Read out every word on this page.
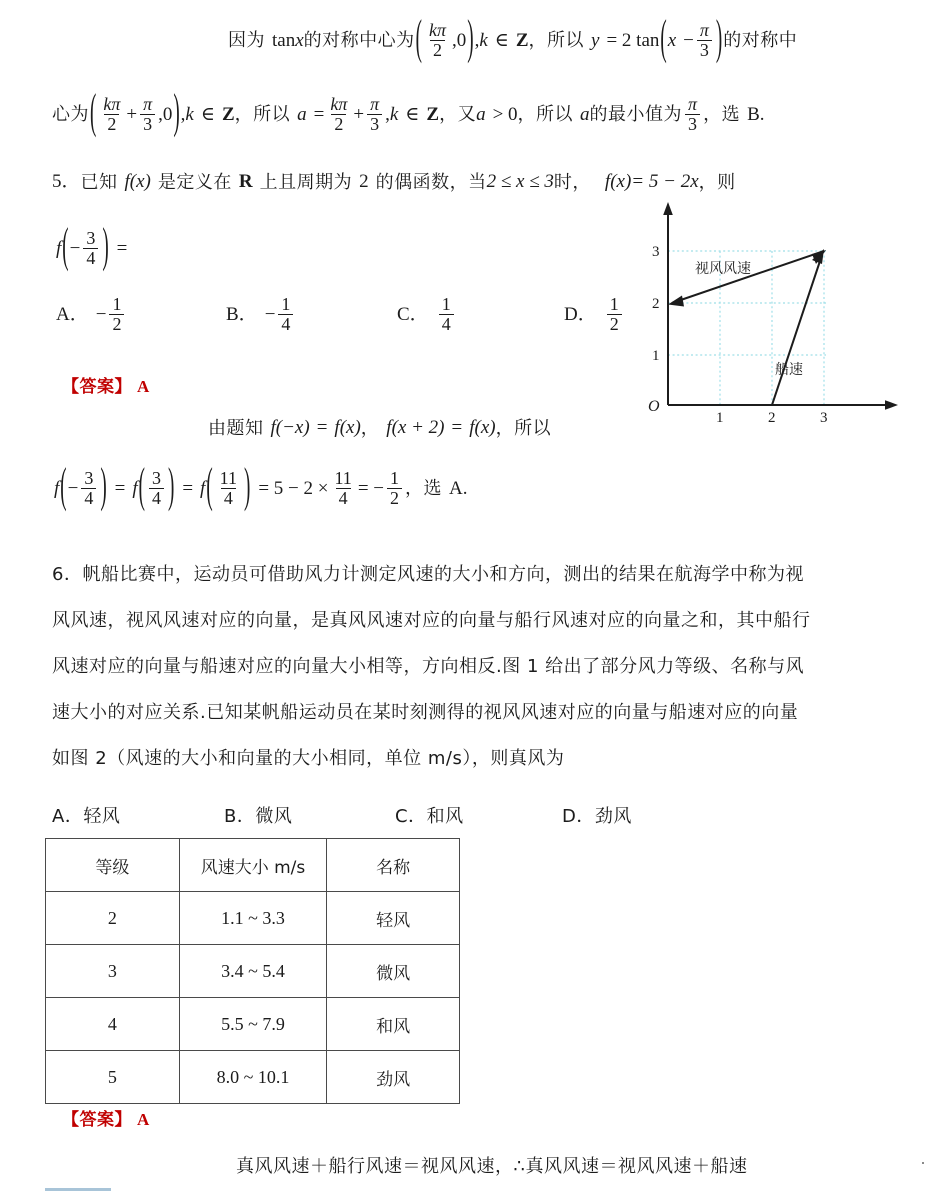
因为 tan x 的对称中心为 ( $\frac{k\pi}{2} ,0$ ) , k ∈ Z ， 所以 y = 2 tan ( $x - \frac{\pi}{3}$ ) 的对称中
心为 ( $\frac{k\pi}{2} + \frac{\pi}{3} ,0$ ) , k ∈ Z ， 所以 $a = \frac{k\pi}{2} + \frac{\pi}{3}$ , k ∈ Z ， 又 a > 0 ， 所以 a 的最小值为 $\frac{\pi}{3}$ ， 选 B.
5． 已知 f (x) 是定义在 R 上且周期为 2 的偶函数，当 2 ≤ x ≤ 3 时， f (x) = 5 − 2x ，则
f ( − $\frac{3}{4}$ ) =
A． − $\frac{1}{2}$	B． − $\frac{1}{4}$	C． $\frac{1}{4}$	D． $\frac{1}{2}$
【答案】 A
由题知 f (−x) = f (x) ， f (x + 2) = f (x) ， 所以
f ( − $\frac{3}{4}$ ) = f ( $\frac{3}{4}$ ) = f ( $\frac{11}{4}$ ) = $5 - 2 \times \frac{11}{4}$ = − $\frac{1}{2}$ ， 选 A.
视风风速
船速
O
1	2	3
1
2
3
6．帆船比赛中，运动员可借助风力计测定风速的大小和方向，测出的结果在航海学中称为视
风风速，视风风速对应的向量，是真风风速对应的向量与船行风速对应的向量之和，其中船行
风速对应的向量与船速对应的向量大小相等，方向相反.图 1 给出了部分风力等级、名称与风
速大小的对应关系.已知某帆船运动员在某时刻测得的视风风速对应的向量与船速对应的向量
如图 2（风速的大小和向量的大小相同，单位 m/s），则真风为
A．轻风	B．微风	C．和风	D．劲风
等级	风速大小 m/s	名称
2	1.1 ~ 3.3	轻风
3	3.4 ~ 5.4	微风
4	5.5 ~ 7.9	和风
5	8.0 ~ 10.1	劲风
【答案】 A
真风风速＋船行风速＝视风风速，∴真风风速＝视风风速＋船速
